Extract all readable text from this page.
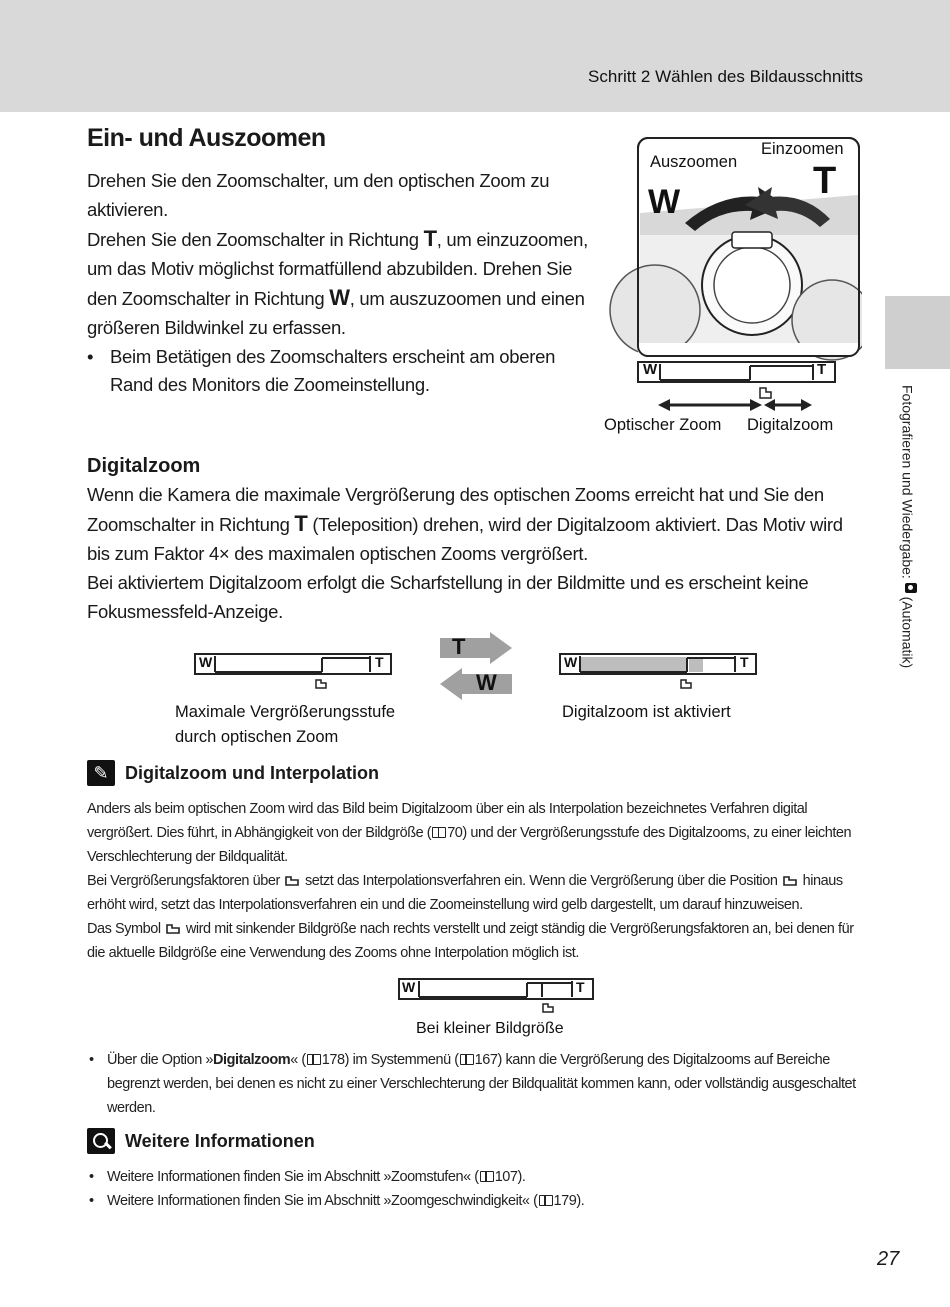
Schritt 2 Wählen des Bildausschnitts
Fotografieren und Wiedergabe:  (Automatik)
Ein- und Auszoomen

Drehen Sie den Zoomschalter, um den optischen Zoom zu aktivieren.

Drehen Sie den Zoomschalter in Richtung T, um einzuzoomen, um das Motiv möglichst formatfüllend abzubilden. Drehen Sie den Zoomschalter in Richtung W, um auszuzoomen und einen größeren Bildwinkel zu erfassen.

• Beim Betätigen des Zoomschalters erscheint am oberen Rand des Monitors die Zoomeinstellung.
Auszoomen
Einzoomen
W	T
W	T
Optischer Zoom Digitalzoom
Digitalzoom

Wenn die Kamera die maximale Vergrößerung des optischen Zooms erreicht hat und Sie den Zoomschalter in Richtung T (Teleposition) drehen, wird der Digitalzoom aktiviert. Das Motiv wird bis zum Faktor 4× des maximalen optischen Zooms vergrößert.

Bei aktiviertem Digitalzoom erfolgt die Scharfstellung in der Bildmitte und es erscheint keine Fokusmessfeld-Anzeige.

W	T
T
W
W	T
Maximale Vergrößerungsstufe
durch optischen Zoom
Digitalzoom ist aktiviert
✎ Digitalzoom und Interpolation

Anders als beim optischen Zoom wird das Bild beim Digitalzoom über ein als Interpolation bezeichnetes Verfahren digital vergrößert. Dies führt, in Abhängigkeit von der Bildgröße ( 70) und der Vergrößerungsstufe des Digitalzooms, zu einer leichten Verschlechterung der Bildqualität.

Bei Vergrößerungsfaktoren über  setzt das Interpolationsverfahren ein. Wenn die Vergrößerung über die Position  hinaus erhöht wird, setzt das Interpolationsverfahren ein und die Zoomeinstellung wird gelb dargestellt, um darauf hinzuweisen.

Das Symbol  wird mit sinkender Bildgröße nach rechts verstellt und zeigt ständig die Vergrößerungsfaktoren an, bei denen für die aktuelle Bildgröße eine Verwendung des Zooms ohne Interpolation möglich ist.

W	T
Bei kleiner Bildgröße
• Über die Option »Digitalzoom« ( 178) im Systemmenü ( 167) kann die Vergrößerung des Digitalzooms auf Bereiche begrenzt werden, bei denen es nicht zu einer Verschlechterung der Bildqualität kommen kann, oder vollständig ausgeschaltet werden.
Weitere Informationen
• Weitere Informationen finden Sie im Abschnitt »Zoomstufen« ( 107).
• Weitere Informationen finden Sie im Abschnitt »Zoomgeschwindigkeit« ( 179).
27
